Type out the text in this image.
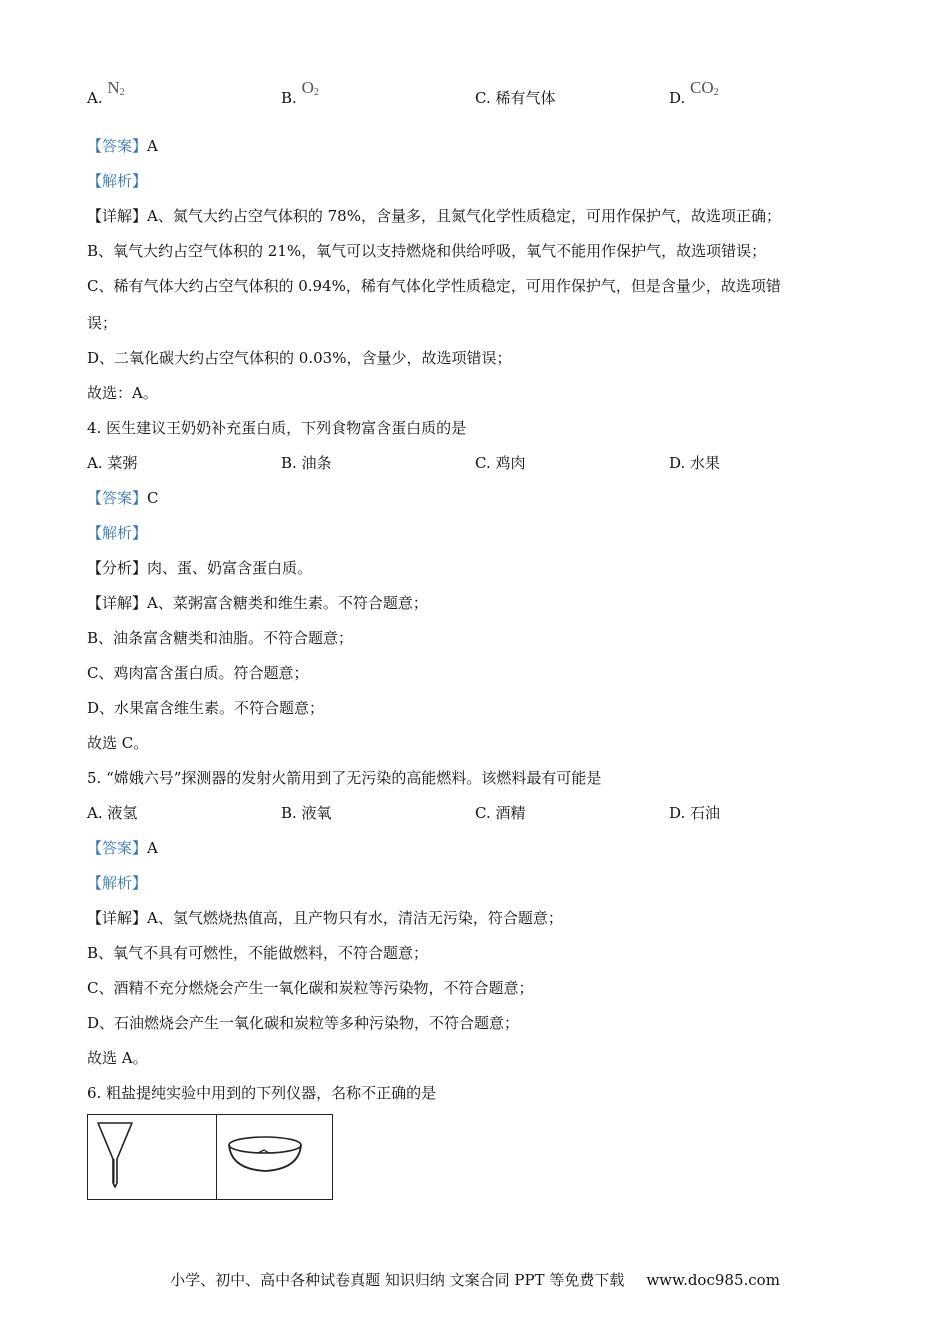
A. $N_2$	B. $O_2$	C. 稀有气体	D. $CO_2$
【答案】A
【解析】
【详解】A、氮气大约占空气体积的 78%，含量多，且氮气化学性质稳定，可用作保护气，故选项正确；
B、氧气大约占空气体积的 21%，氧气可以支持燃烧和供给呼吸，氧气不能用作保护气，故选项错误；
C、稀有气体大约占空气体积的 0.94%，稀有气体化学性质稳定，可用作保护气，但是含量少，故选项错
误；
D、二氧化碳大约占空气体积的 0.03%，含量少，故选项错误；
故选：A。
4. 医生建议王奶奶补充蛋白质，下列食物富含蛋白质的是
A. 菜粥	B. 油条	C. 鸡肉	D. 水果
【答案】C
【解析】
【分析】肉、蛋、奶富含蛋白质。
【详解】A、菜粥富含糖类和维生素。不符合题意；
B、油条富含糖类和油脂。不符合题意；
C、鸡肉富含蛋白质。符合题意；
D、水果富含维生素。不符合题意；
故选 C。
5. “嫦娥六号”探测器的发射火箭用到了无污染的高能燃料。该燃料最有可能是
A. 液氢	B. 液氧	C. 酒精	D. 石油
【答案】A
【解析】
【详解】A、氢气燃烧热值高，且产物只有水，清洁无污染，符合题意；
B、氧气不具有可燃性，不能做燃料，不符合题意；
C、酒精不充分燃烧会产生一氧化碳和炭粒等污染物，不符合题意；
D、石油燃烧会产生一氧化碳和炭粒等多种污染物，不符合题意；
故选 A。
6. 粗盐提纯实验中用到的下列仪器，名称不正确的是
小学、初中、高中各种试卷真题 知识归纳 文案合同 PPT 等免费下载 www.doc985.com
